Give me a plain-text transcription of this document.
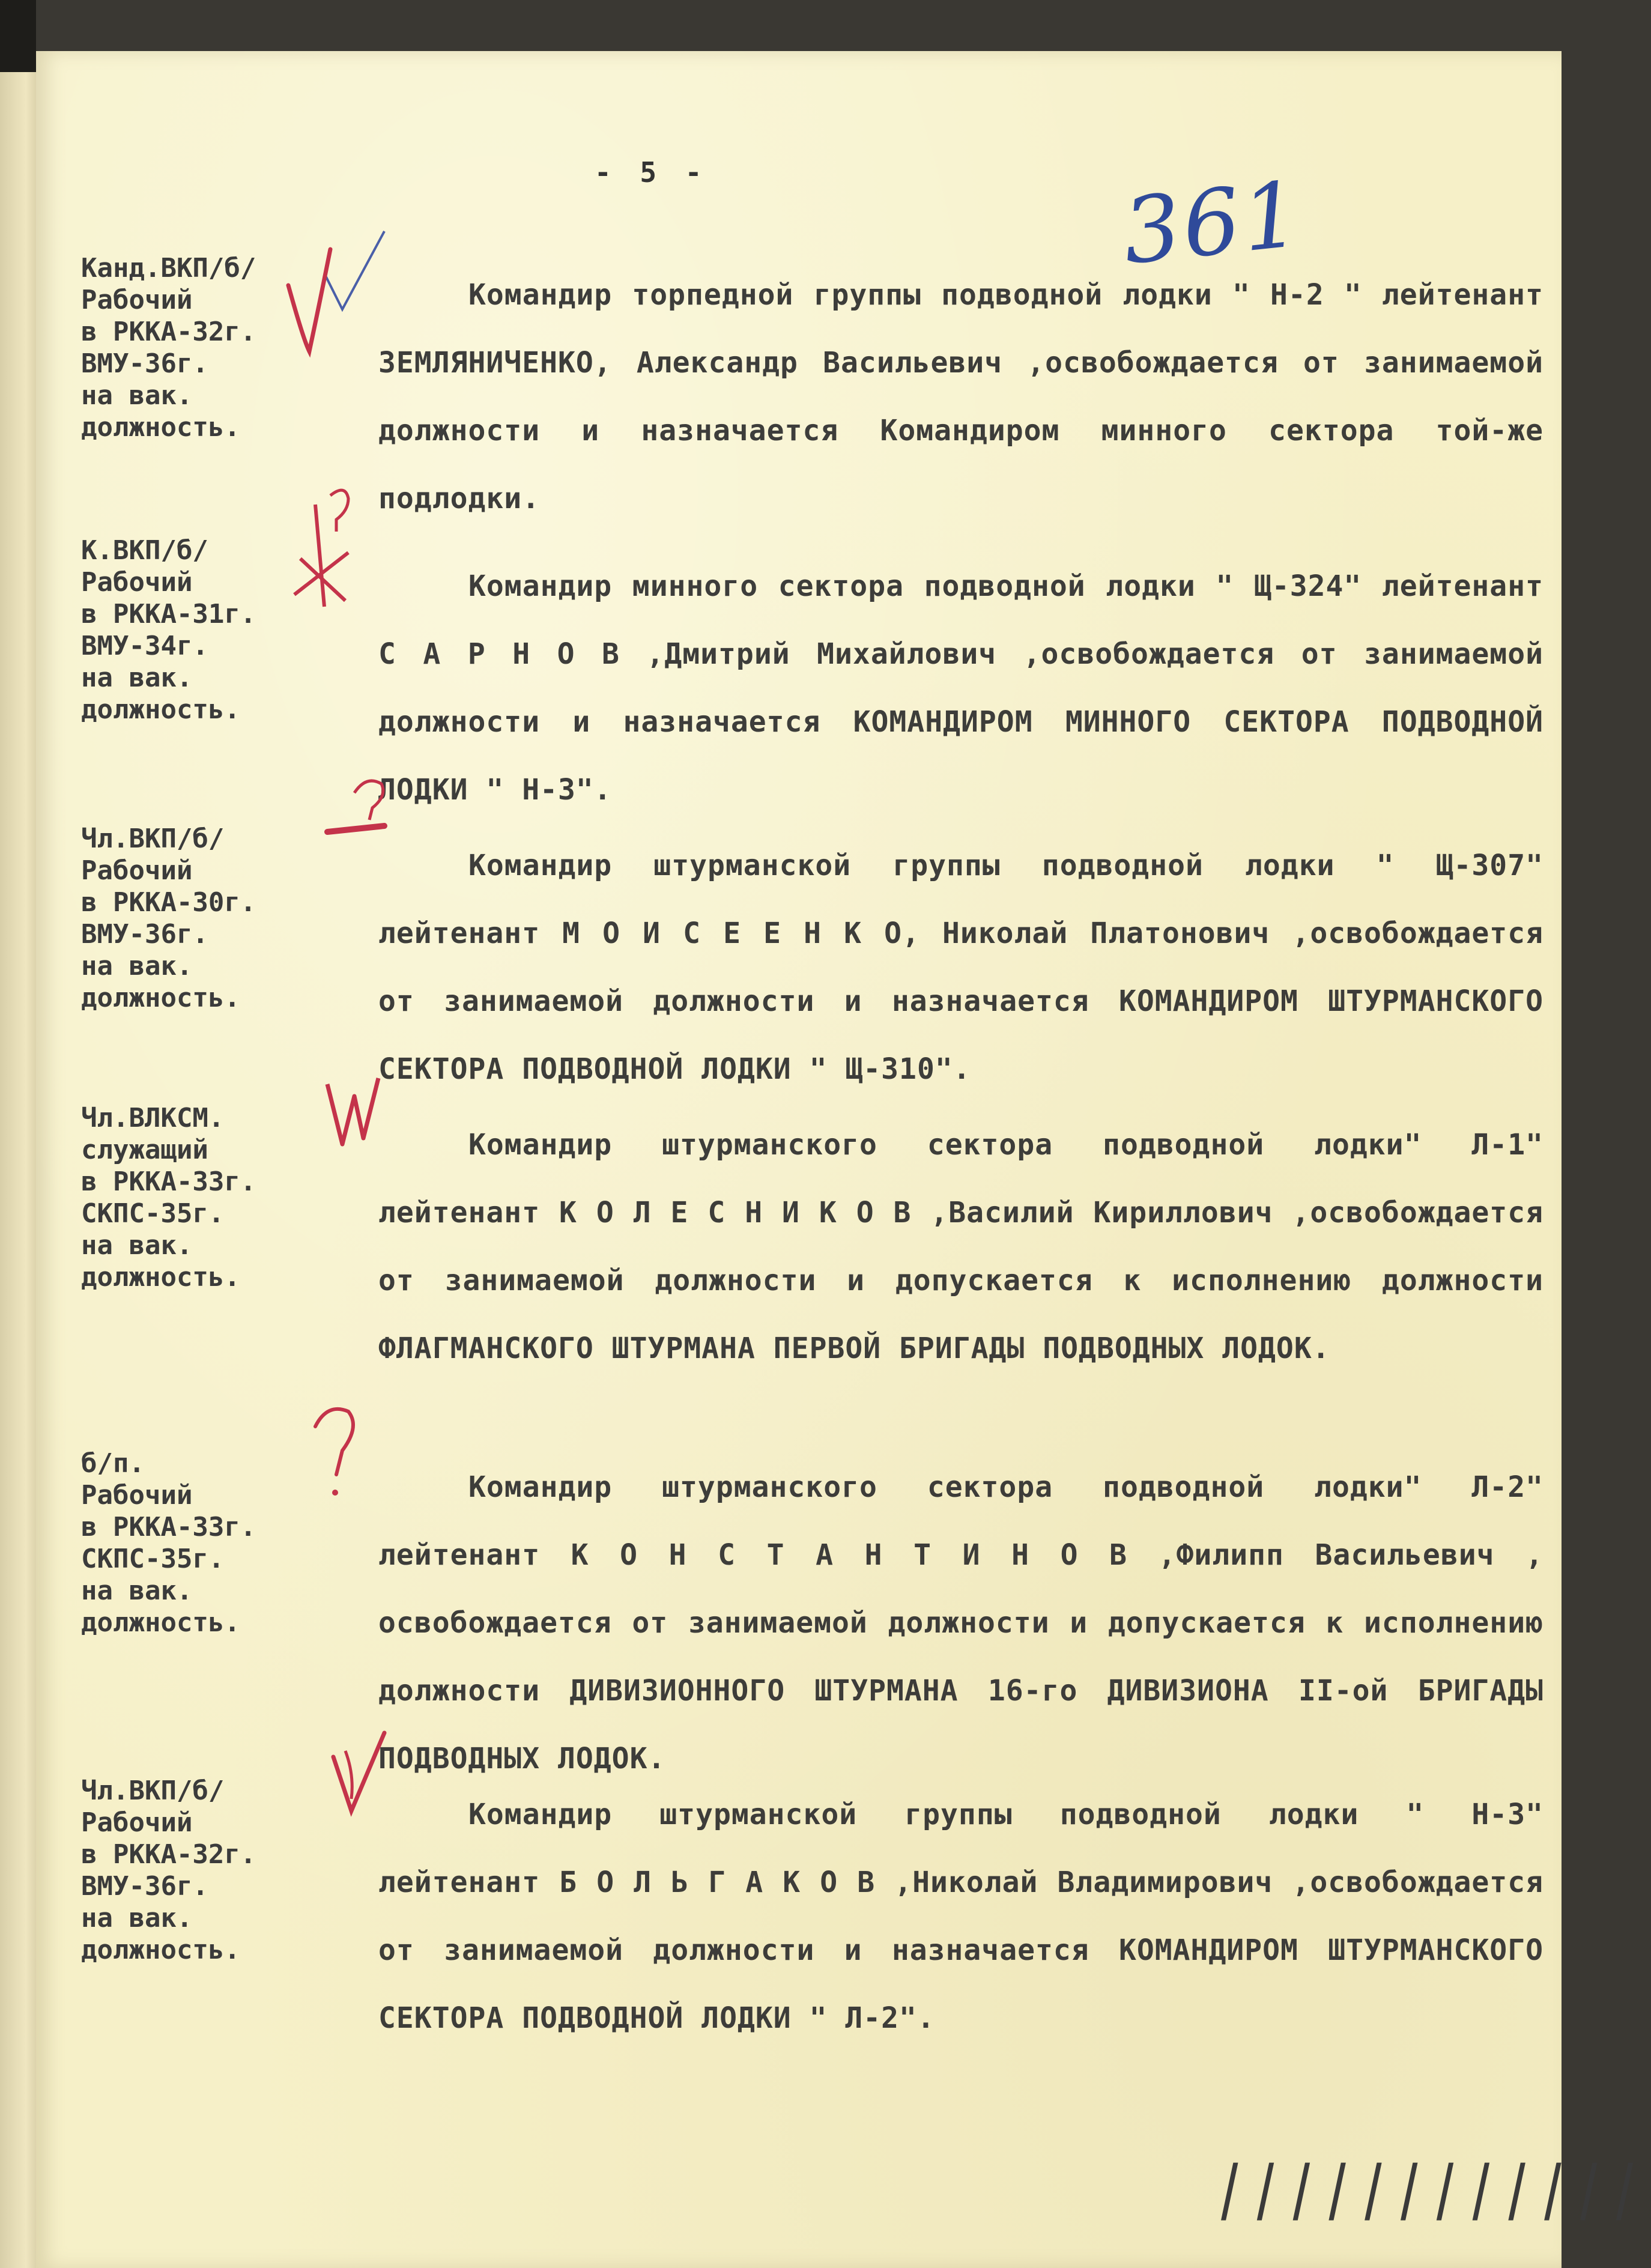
- 5 -	361
Канд.ВКП/б/
Рабочий
в РККА-32г.
ВМУ-36г.
на вак.
должность.
Командир торпедной группы подводной лодки " Н-2 " лейтенант ЗЕМЛЯНИЧЕНКО, Александр Васильевич ,освобождается от занимаемой должности и назначается Командиром минного сектора той-же подлодки.
К.ВКП/б/
Рабочий
в РККА-31г.
ВМУ-34г.
на вак.
должность.
Командир минного сектора подводной лодки " Щ-324" лейтенант С А Р Н О В ,Дмитрий Михайлович ,освобождается от занимаемой должности и назначается КОМАНДИРОМ МИННОГО СЕКТОРА ПОДВОДНОЙ ЛОДКИ " Н-3".
Чл.ВКП/б/
Рабочий
в РККА-30г.
ВМУ-36г.
на вак.
должность.
Командир штурманской группы подводной лодки " Щ-307" лейтенант М О И С Е Е Н К О, Николай Платонович ,освобождается от занимаемой должности и назначается КОМАНДИРОМ ШТУРМАНСКОГО СЕКТОРА ПОДВОДНОЙ ЛОДКИ " Щ-310".
Чл.ВЛКСМ.
служащий
в РККА-33г.
СКПС-35г.
на вак.
должность.
Командир штурманского сектора подводной лодки" Л-1" лейтенант К О Л Е С Н И К О В ,Василий Кириллович ,освобождается от занимаемой должности и допускается к исполнению должности ФЛАГМАНСКОГО ШТУРМАНА ПЕРВОЙ БРИГАДЫ ПОДВОДНЫХ ЛОДОК.
б/п.
Рабочий
в РККА-33г.
СКПС-35г.
на вак.
должность.
Командир штурманского сектора подводной лодки" Л-2" лейтенант К О Н С Т А Н Т И Н О В ,Филипп Васильевич , освобождается от занимаемой должности и допускается к исполнению должности ДИВИЗИОННОГО ШТУРМАНА 16-го ДИВИЗИОНА II-ой БРИГАДЫ ПОДВОДНЫХ ЛОДОК.
Чл.ВКП/б/
Рабочий
в РККА-32г.
ВМУ-36г.
на вак.
должность.
Командир штурманской группы подводной лодки " Н-3" лейтенант Б О Л Ь Г А К О В ,Николай Владимирович ,освобождается от занимаемой должности и назначается КОМАНДИРОМ ШТУРМАНСКОГО СЕКТОРА ПОДВОДНОЙ ЛОДКИ " Л-2".
||||||||||||
